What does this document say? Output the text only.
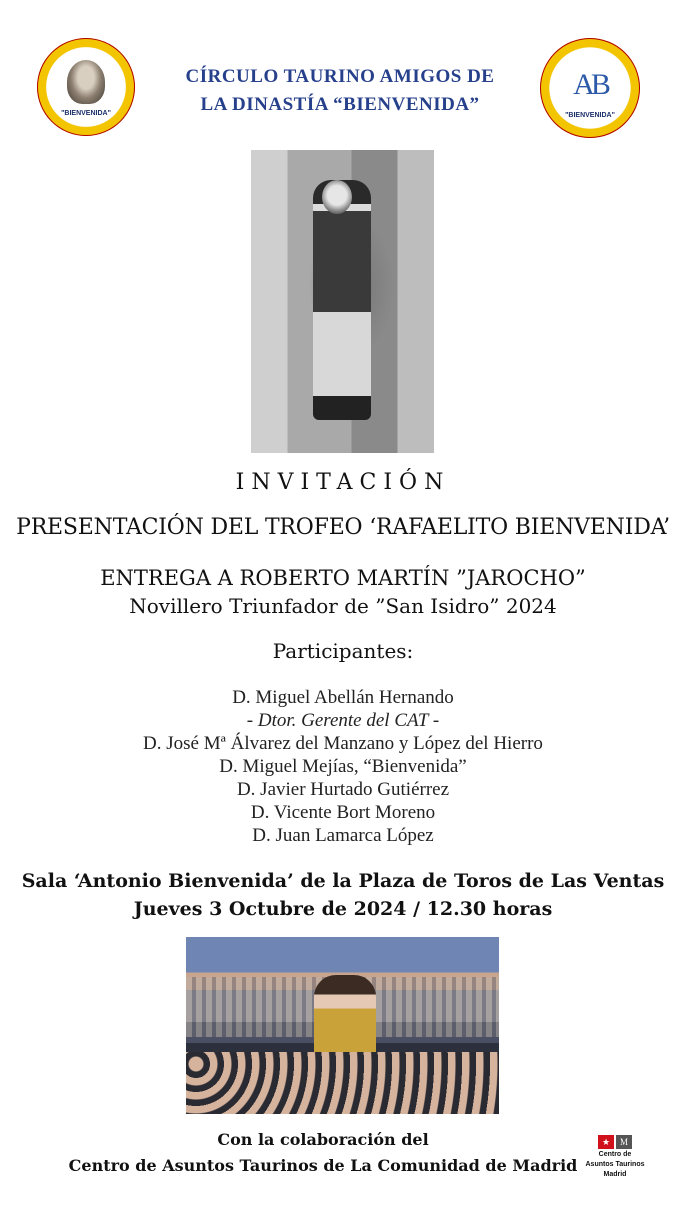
"BIENVENIDA"
CÍRCULO TAURINO AMIGOS DE
LA DINASTÍA “BIENVENIDA”
AB
"BIENVENIDA"
INVITACIÓN
PRESENTACIÓN DEL TROFEO ‘RAFAELITO BIENVENIDA’
ENTREGA A ROBERTO MARTÍN ”JAROCHO”
Novillero Triunfador de ”San Isidro” 2024
Participantes:
D. Miguel Abellán Hernando
- Dtor. Gerente del CAT -
D. José Mª Álvarez del Manzano y López del Hierro
D. Miguel Mejías, “Bienvenida”
D. Javier Hurtado Gutiérrez
D. Vicente Bort Moreno
D. Juan Lamarca López
Sala ‘Antonio Bienvenida’ de la Plaza de Toros de Las Ventas
Jueves 3 Octubre de 2024 / 12.30 horas
Con la colaboración del
Centro de Asuntos Taurinos de La Comunidad de Madrid
★	M
Centro de
Asuntos Taurinos
Madrid
